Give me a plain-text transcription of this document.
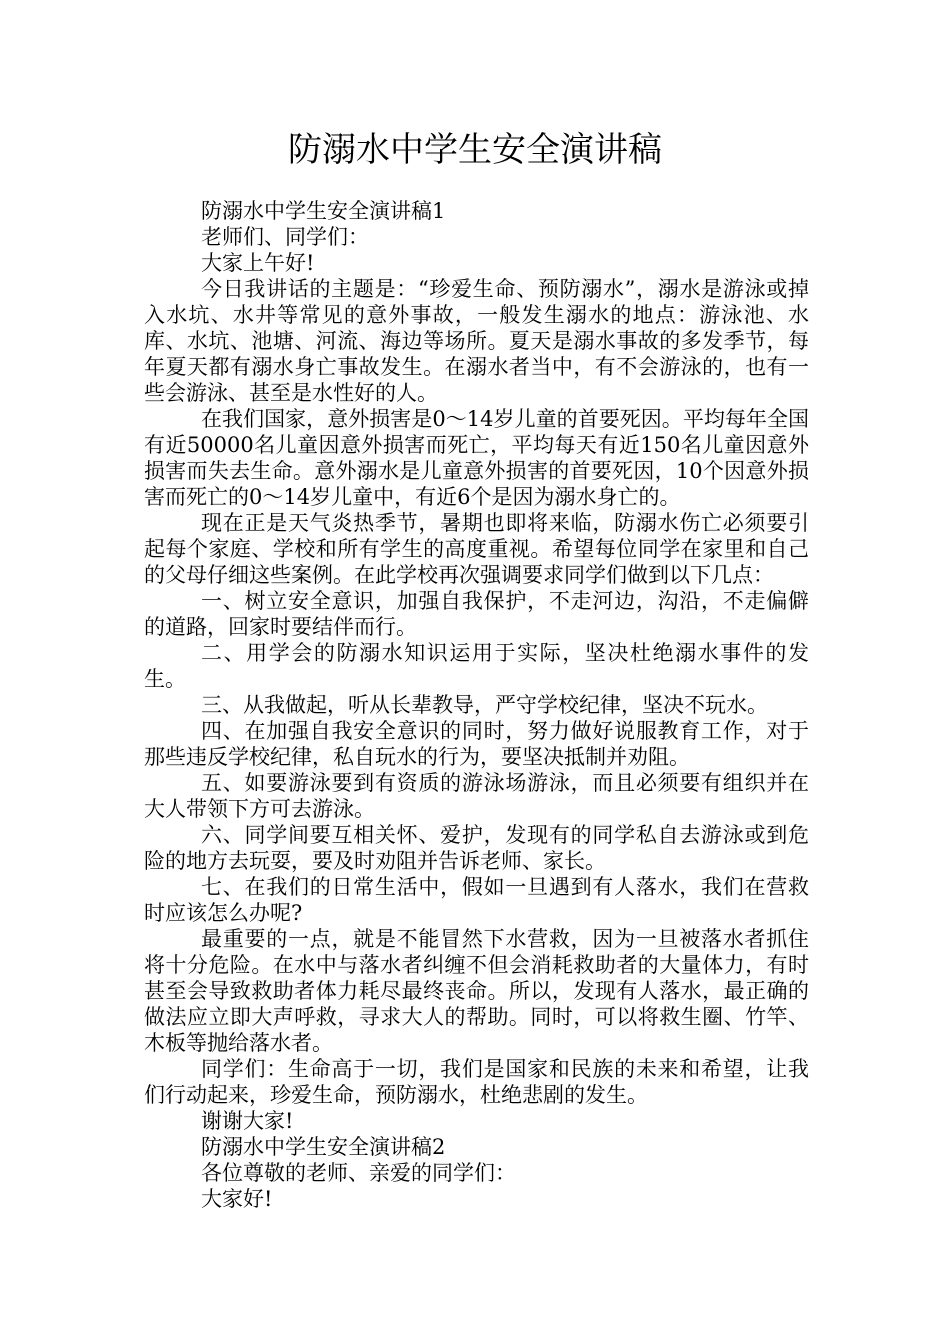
防溺水中学生安全演讲稿

防溺水中学生安全演讲稿1

老师们、同学们：

大家上午好!

今日我讲话的主题是：“珍爱生命、预防溺水”，溺水是游泳或掉入水坑、水井等常见的意外事故，一般发生溺水的地点：游泳池、水库、水坑、池塘、河流、海边等场所。夏天是溺水事故的多发季节，每年夏天都有溺水身亡事故发生。在溺水者当中，有不会游泳的，也有一些会游泳、甚至是水性好的人。

在我们国家，意外损害是0～14岁儿童的首要死因。平均每年全国有近50000名儿童因意外损害而死亡，平均每天有近150名儿童因意外损害而失去生命。意外溺水是儿童意外损害的首要死因，10个因意外损害而死亡的0～14岁儿童中，有近6个是因为溺水身亡的。

现在正是天气炎热季节，暑期也即将来临，防溺水伤亡必须要引起每个家庭、学校和所有学生的高度重视。希望每位同学在家里和自己的父母仔细这些案例。在此学校再次强调要求同学们做到以下几点：

一、树立安全意识，加强自我保护，不走河边，沟沿，不走偏僻的道路，回家时要结伴而行。

二、用学会的防溺水知识运用于实际，坚决杜绝溺水事件的发生。

三、从我做起，听从长辈教导，严守学校纪律，坚决不玩水。

四、在加强自我安全意识的同时，努力做好说服教育工作，对于那些违反学校纪律，私自玩水的行为，要坚决抵制并劝阻。

五、如要游泳要到有资质的游泳场游泳，而且必须要有组织并在大人带领下方可去游泳。

六、同学间要互相关怀、爱护，发现有的同学私自去游泳或到危险的地方去玩耍，要及时劝阻并告诉老师、家长。

七、在我们的日常生活中，假如一旦遇到有人落水，我们在营救时应该怎么办呢?

最重要的一点，就是不能冒然下水营救，因为一旦被落水者抓住将十分危险。在水中与落水者纠缠不但会消耗救助者的大量体力，有时甚至会导致救助者体力耗尽最终丧命。所以，发现有人落水，最正确的做法应立即大声呼救，寻求大人的帮助。同时，可以将救生圈、竹竿、木板等抛给落水者。

同学们：生命高于一切，我们是国家和民族的未来和希望，让我们行动起来，珍爱生命，预防溺水，杜绝悲剧的发生。

谢谢大家!

防溺水中学生安全演讲稿2

各位尊敬的老师、亲爱的同学们：

大家好!
